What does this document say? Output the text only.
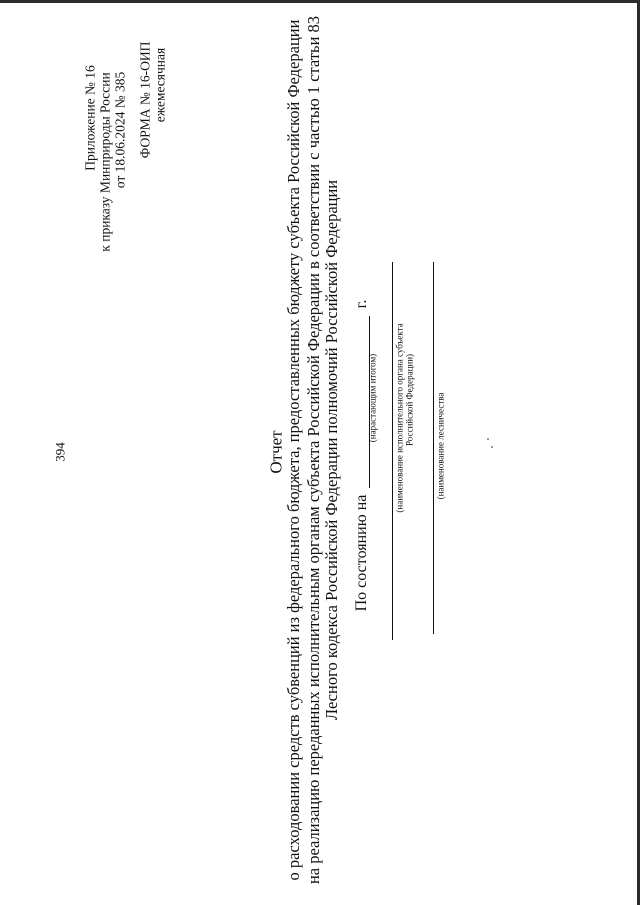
394
Приложение № 16 к приказу Минприроды России от 18.06.2024 № 385 ФОРМА № 16-ОИП ежемесячная
Отчет
о расходовании средств субвенций из федерального бюджета, предоставленных бюджету субъекта Российской Федерации на реализацию переданных исполнительным органам субъекта Российской Федерации в соответствии с частью 1 статьи 83 Лесного кодекса Российской Федерации полномочий Российской Федерации По состоянию на
г.
(нарастающим итогом) (наименование исполнительного органа субъекта Российской Федерации) (наименование лесничества
